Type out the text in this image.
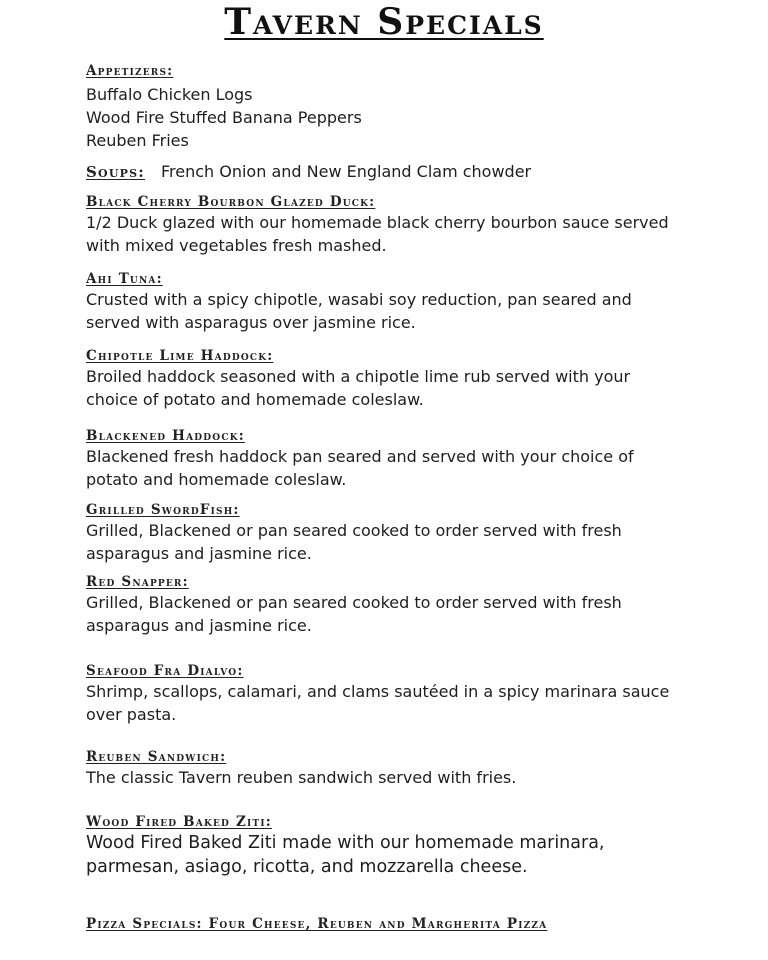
Tavern Specials
Appetizers:
Buffalo Chicken Logs
Wood Fire Stuffed Banana Peppers
Reuben Fries
Soups: French Onion and New England Clam chowder
Black Cherry Bourbon Glazed Duck:
1/2 Duck glazed with our homemade black cherry bourbon sauce served
with mixed vegetables fresh mashed.
Ahi Tuna:
Crusted with a spicy chipotle, wasabi soy reduction, pan seared and
served with asparagus over jasmine rice.
Chipotle Lime Haddock:
Broiled haddock seasoned with a chipotle lime rub served with your
choice of potato and homemade coleslaw.
Blackened Haddock:
Blackened fresh haddock pan seared and served with your choice of
potato and homemade coleslaw.
Grilled SwordFish:
Grilled, Blackened or pan seared cooked to order served with fresh
asparagus and jasmine rice.
Red Snapper:
Grilled, Blackened or pan seared cooked to order served with fresh
asparagus and jasmine rice.
Seafood Fra Dialvo:
Shrimp, scallops, calamari, and clams sautéed in a spicy marinara sauce
over pasta.
Reuben Sandwich:
The classic Tavern reuben sandwich served with fries.
Wood Fired Baked Ziti:
Wood Fired Baked Ziti made with our homemade marinara,
parmesan, asiago, ricotta, and mozzarella cheese.
Pizza Specials: Four Cheese, Reuben and Margherita Pizza
